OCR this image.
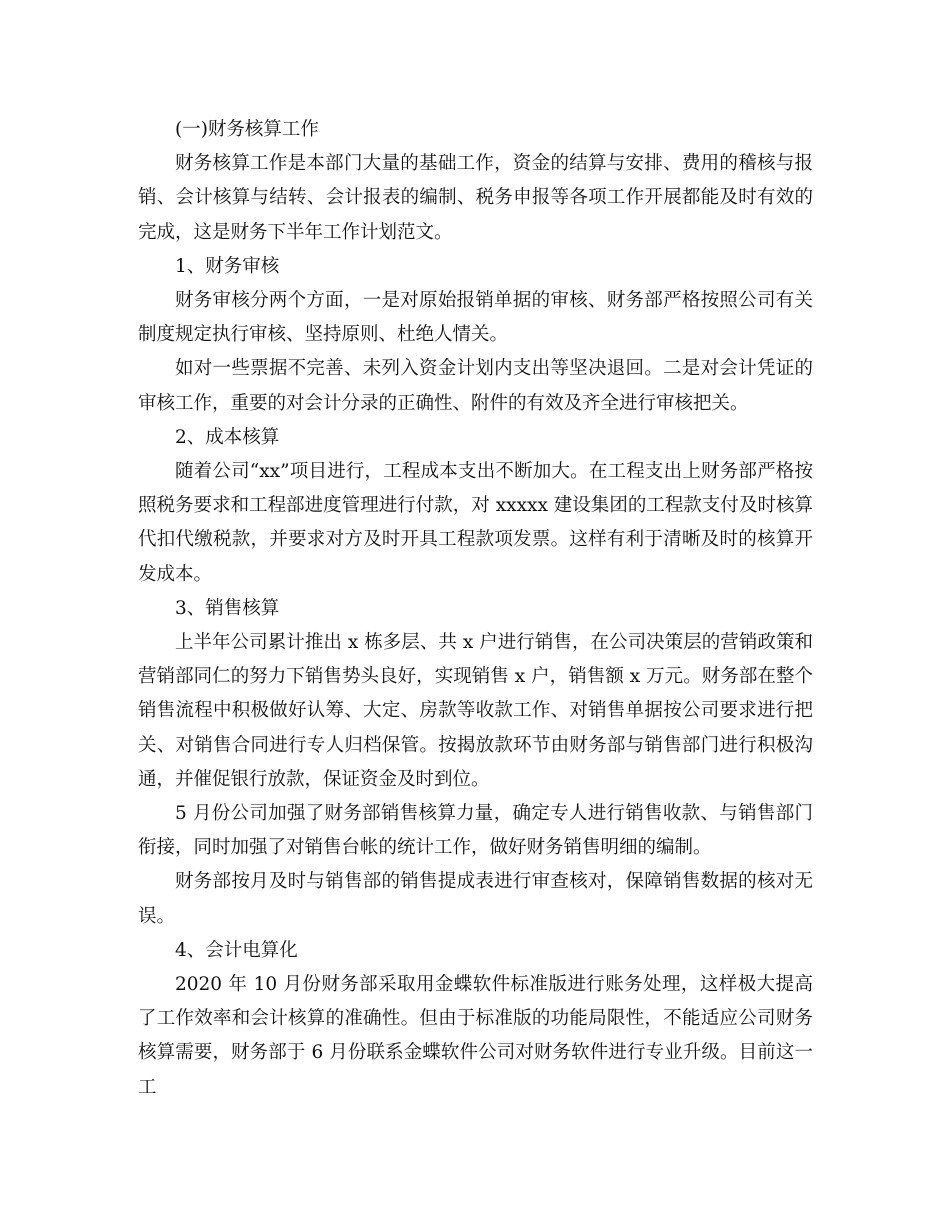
(一)财务核算工作

财务核算工作是本部门大量的基础工作，资金的结算与安排、费用的稽核与报销、会计核算与结转、会计报表的编制、税务申报等各项工作开展都能及时有效的完成，这是财务下半年工作计划范文。

1、财务审核

财务审核分两个方面，一是对原始报销单据的审核、财务部严格按照公司有关制度规定执行审核、坚持原则、杜绝人情关。

如对一些票据不完善、未列入资金计划内支出等坚决退回。二是对会计凭证的审核工作，重要的对会计分录的正确性、附件的有效及齐全进行审核把关。

2、成本核算

随着公司“xx”项目进行，工程成本支出不断加大。在工程支出上财务部严格按照税务要求和工程部进度管理进行付款，对 xxxxx 建设集团的工程款支付及时核算代扣代缴税款，并要求对方及时开具工程款项发票。这样有利于清晰及时的核算开发成本。

3、销售核算

上半年公司累计推出 x 栋多层、共 x 户进行销售，在公司决策层的营销政策和营销部同仁的努力下销售势头良好，实现销售 x 户，销售额 x 万元。财务部在整个销售流程中积极做好认筹、大定、房款等收款工作、对销售单据按公司要求进行把关、对销售合同进行专人归档保管。按揭放款环节由财务部与销售部门进行积极沟通，并催促银行放款，保证资金及时到位。

5 月份公司加强了财务部销售核算力量，确定专人进行销售收款、与销售部门衔接，同时加强了对销售台帐的统计工作，做好财务销售明细的编制。

财务部按月及时与销售部的销售提成表进行审查核对，保障销售数据的核对无误。

4、会计电算化

2020 年 10 月份财务部采取用金蝶软件标准版进行账务处理，这样极大提高了工作效率和会计核算的准确性。但由于标准版的功能局限性，不能适应公司财务核算需要，财务部于 6 月份联系金蝶软件公司对财务软件进行专业升级。目前这一工
